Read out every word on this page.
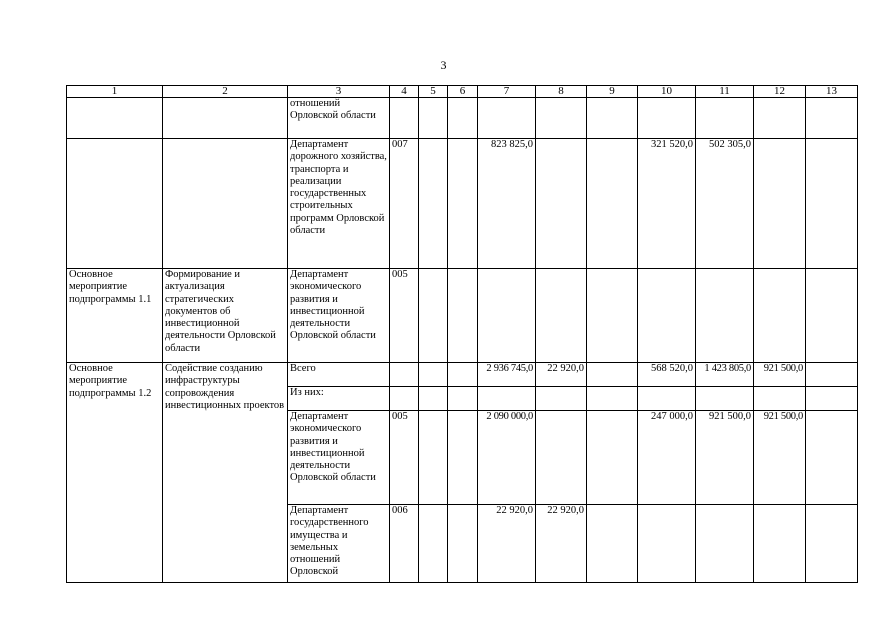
3
1	2	3	4	5	6	7	8	9	10	11	12	13
		отношений Орловской области										
		Департамент дорожного хозяйства, транспорта и реализации государственных строительных программ Орловской области	007			823 825,0			321 520,0	502 305,0		
Основное мероприятие подпрограммы 1.1	Формирование и актуализация стратегических документов об инвестиционной деятельности Орловской области	Департамент экономического развития и инвестиционной деятельности Орловской области	005									
Основное мероприятие подпрограммы 1.2	Содействие созданию инфраструктуры сопровождения инвестиционных проектов	Всего				2 936 745,0	22 920,0		568 520,0	1 423 805,0	921 500,0	
		Из них:										
		Департамент экономического развития и инвестиционной деятельности Орловской области	005			2 090 000,0			247 000,0	921 500,0	921 500,0	
		Департамент государственного имущества и земельных отношений Орловской	006			22 920,0	22 920,0					
